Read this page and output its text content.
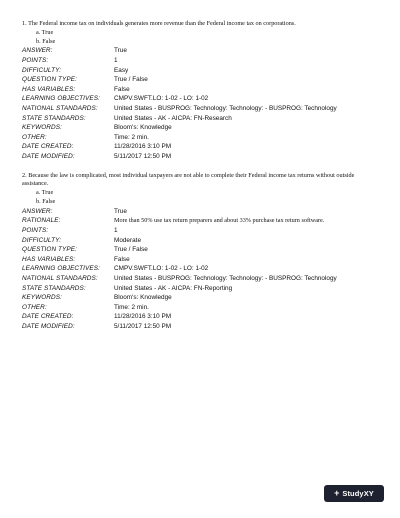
1. The Federal income tax on individuals generates more revenue than the Federal income tax on corporations.

a. True
b. False
ANSWER:	True
POINTS:	1
DIFFICULTY:	Easy
QUESTION TYPE:	True / False
HAS VARIABLES:	False
LEARNING OBJECTIVES:	CMPV.SWFT.LO: 1-02 - LO: 1-02
NATIONAL STANDARDS:	United States - BUSPROG: Technology: Technology: - BUSPROG: Technology
STATE STANDARDS:	United States - AK - AICPA: FN-Research
KEYWORDS:	Bloom's: Knowledge
OTHER:	Time: 2 min.
DATE CREATED:	11/28/2016 3:10 PM
DATE MODIFIED:	5/11/2017 12:50 PM

2. Because the law is complicated, most individual taxpayers are not able to complete their Federal income tax returns without outside assistance.

a. True
b. False
ANSWER:	True
RATIONALE:	More than 50% use tax return preparers and about 33% purchase tax return software.
POINTS:	1
DIFFICULTY:	Moderate
QUESTION TYPE:	True / False
HAS VARIABLES:	False
LEARNING OBJECTIVES:	CMPV.SWFT.LO: 1-02 - LO: 1-02
NATIONAL STANDARDS:	United States - BUSPROG: Technology: Technology: - BUSPROG: Technology
STATE STANDARDS:	United States - AK - AICPA: FN-Reporting
KEYWORDS:	Bloom's: Knowledge
OTHER:	Time: 2 min.
DATE CREATED:	11/28/2016 3:10 PM
DATE MODIFIED:	5/11/2017 12:50 PM
+ StudyXY
